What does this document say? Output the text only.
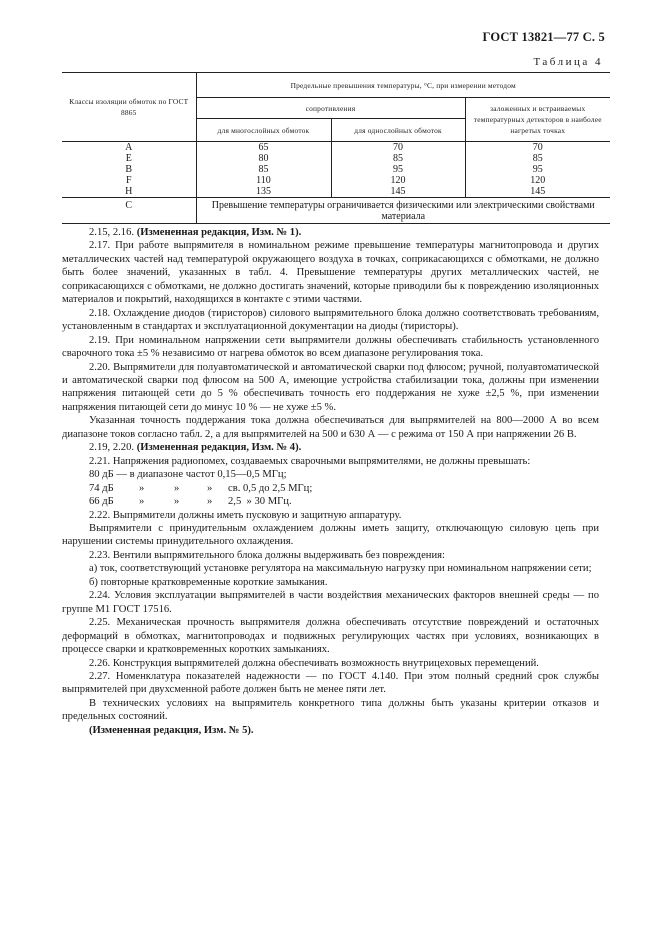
ГОСТ 13821—77 С. 5
Таблица 4
Классы изоляции обмоток по ГОСТ 8865	Предельные превышения температуры, °С, при измерении методом		
	сопротивления		заложенных и встраиваемых температурных детекторов в наиболее нагретых точках
	для многослойных обмоток	для однослойных обмоток	
A	65	70	70
E	80	85	85
B	85	95	95
F	110	120	120
H	135	145	145
C	Превышение температуры ограничивается физическими или электрическими свойствами материала		

2.15, 2.16. (Измененная редакция, Изм. № 1).

2.17. При работе выпрямителя в номинальном режиме превышение температуры магнитопровода и других металлических частей над температурой окружающего воздуха в точках, соприкасающихся с обмотками, не должно быть более значений, указанных в табл. 4. Превышение температуры других металлических частей, не соприкасающихся с обмотками, не должно достигать значений, которые приводили бы к повреждению изоляционных материалов и покрытий, находящихся в контакте с этими частями.

2.18. Охлаждение диодов (тиристоров) силового выпрямительного блока должно соответствовать требованиям, установленным в стандартах и эксплуатационной документации на диоды (тиристоры).

2.19. При номинальном напряжении сети выпрямители должны обеспечивать стабильность установленного сварочного тока ±5 % независимо от нагрева обмоток во всем диапазоне регулирования тока.

2.20. Выпрямители для полуавтоматической и автоматической сварки под флюсом; ручной, полуавтоматической и автоматической сварки под флюсом на 500 А, имеющие устройства стабилизации тока, должны при изменении напряжения питающей сети до 5 % обеспечивать точность его поддержания не хуже ±2,5 %, при изменении напряжения питающей сети до минус 10 % — не хуже ±5 %.

Указанная точность поддержания тока должна обеспечиваться для выпрямителей на 800—2000 А во всем диапазоне токов согласно табл. 2, а для выпрямителей на 500 и 630 А — с режима от 150 А при напряжении 26 В.

2.19, 2.20. (Измененная редакция, Изм. № 4).

2.21. Напряжения радиопомех, создаваемых сварочными выпрямителями, не должны превышать:

80 дБ — в диапазоне частот 0,15—0,5 МГц;

74 дБ	»	»	»	св. 0,5 до 2,5 МГц;
66 дБ	»	»	»	2,5  » 30 МГц.

2.22. Выпрямители должны иметь пусковую и защитную аппаратуру.

Выпрямители с принудительным охлаждением должны иметь защиту, отключающую силовую цепь при нарушении системы принудительного охлаждения.

2.23. Вентили выпрямительного блока должны выдерживать без повреждения:

а) ток, соответствующий установке регулятора на максимальную нагрузку при номинальном напряжении сети;

б) повторные кратковременные короткие замыкания.

2.24. Условия эксплуатации выпрямителей в части воздействия механических факторов внешней среды — по группе М1 ГОСТ 17516.

2.25. Механическая прочность выпрямителя должна обеспечивать отсутствие повреждений и остаточных деформаций в обмотках, магнитопроводах и подвижных регулирующих частях при условиях, возникающих в процессе сварки и кратковременных коротких замыканиях.

2.26. Конструкция выпрямителей должна обеспечивать возможность внутрицеховых перемещений.

2.27. Номенклатура показателей надежности — по ГОСТ 4.140. При этом полный средний срок службы выпрямителей при двухсменной работе должен быть не менее пяти лет.

В технических условиях на выпрямитель конкретного типа должны быть указаны критерии отказов и предельных состояний.

(Измененная редакция, Изм. № 5).
